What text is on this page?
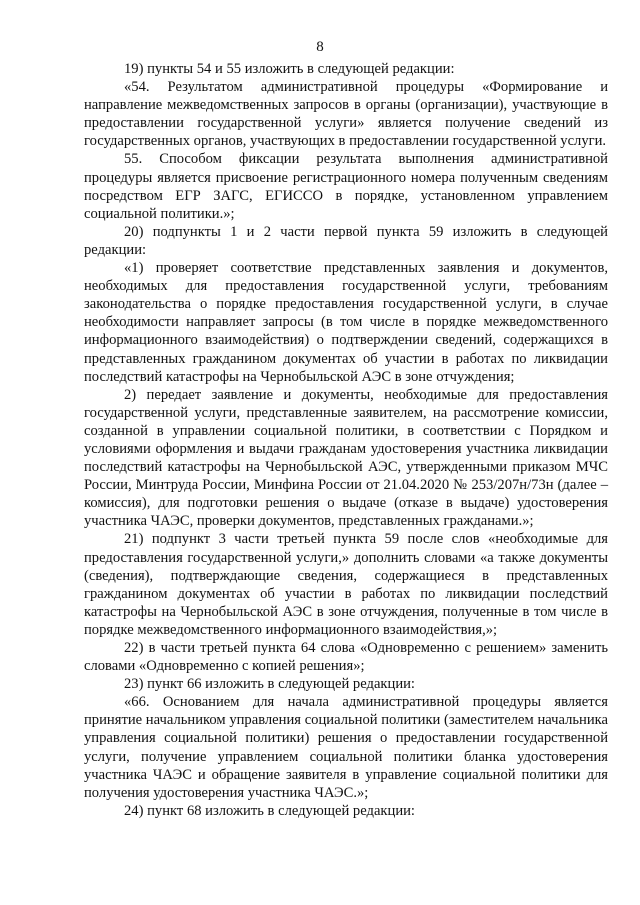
8

19) пункты 54 и 55 изложить в следующей редакции:

«54. Результатом административной процедуры «Формирование и направление межведомственных запросов в органы (организации), участвующие в предоставлении государственной услуги» является получение сведений из государственных органов, участвующих в предоставлении государственной услуги.

55. Способом фиксации результата выполнения административной процедуры является присвоение регистрационного номера полученным сведениям посредством ЕГР ЗАГС, ЕГИССО в порядке, установленном управлением социальной политики.»;

20) подпункты 1 и 2 части первой пункта 59 изложить в следующей редакции:

«1) проверяет соответствие представленных заявления и документов, необходимых для предоставления государственной услуги, требованиям законодательства о порядке предоставления государственной услуги, в случае необходимости направляет запросы (в том числе в порядке межведомственного информационного взаимодействия) о подтверждении сведений, содержащихся в представленных гражданином документах об участии в работах по ликвидации последствий катастрофы на Чернобыльской АЭС в зоне отчуждения;

2) передает заявление и документы, необходимые для предоставления государственной услуги, представленные заявителем, на рассмотрение комиссии, созданной в управлении социальной политики, в соответствии с Порядком и условиями оформления и выдачи гражданам удостоверения участника ликвидации последствий катастрофы на Чернобыльской АЭС, утвержденными приказом МЧС России, Минтруда России, Минфина России от 21.04.2020 № 253/207н/73н (далее – комиссия), для подготовки решения о выдаче (отказе в выдаче) удостоверения участника ЧАЭС, проверки документов, представленных гражданами.»;

21) подпункт 3 части третьей пункта 59 после слов «необходимые для предоставления государственной услуги,» дополнить словами «а также документы (сведения), подтверждающие сведения, содержащиеся в представленных гражданином документах об участии в работах по ликвидации последствий катастрофы на Чернобыльской АЭС в зоне отчуждения, полученные в том числе в порядке межведомственного информационного взаимодействия,»;

22) в части третьей пункта 64 слова «Одновременно с решением» заменить словами «Одновременно с копией решения»;

23) пункт 66 изложить в следующей редакции:

«66. Основанием для начала административной процедуры является принятие начальником управления социальной политики (заместителем начальника управления социальной политики) решения о предоставлении государственной услуги, получение управлением социальной политики бланка удостоверения участника ЧАЭС и обращение заявителя в управление социальной политики для получения удостоверения участника ЧАЭС.»;

24) пункт 68 изложить в следующей редакции:
